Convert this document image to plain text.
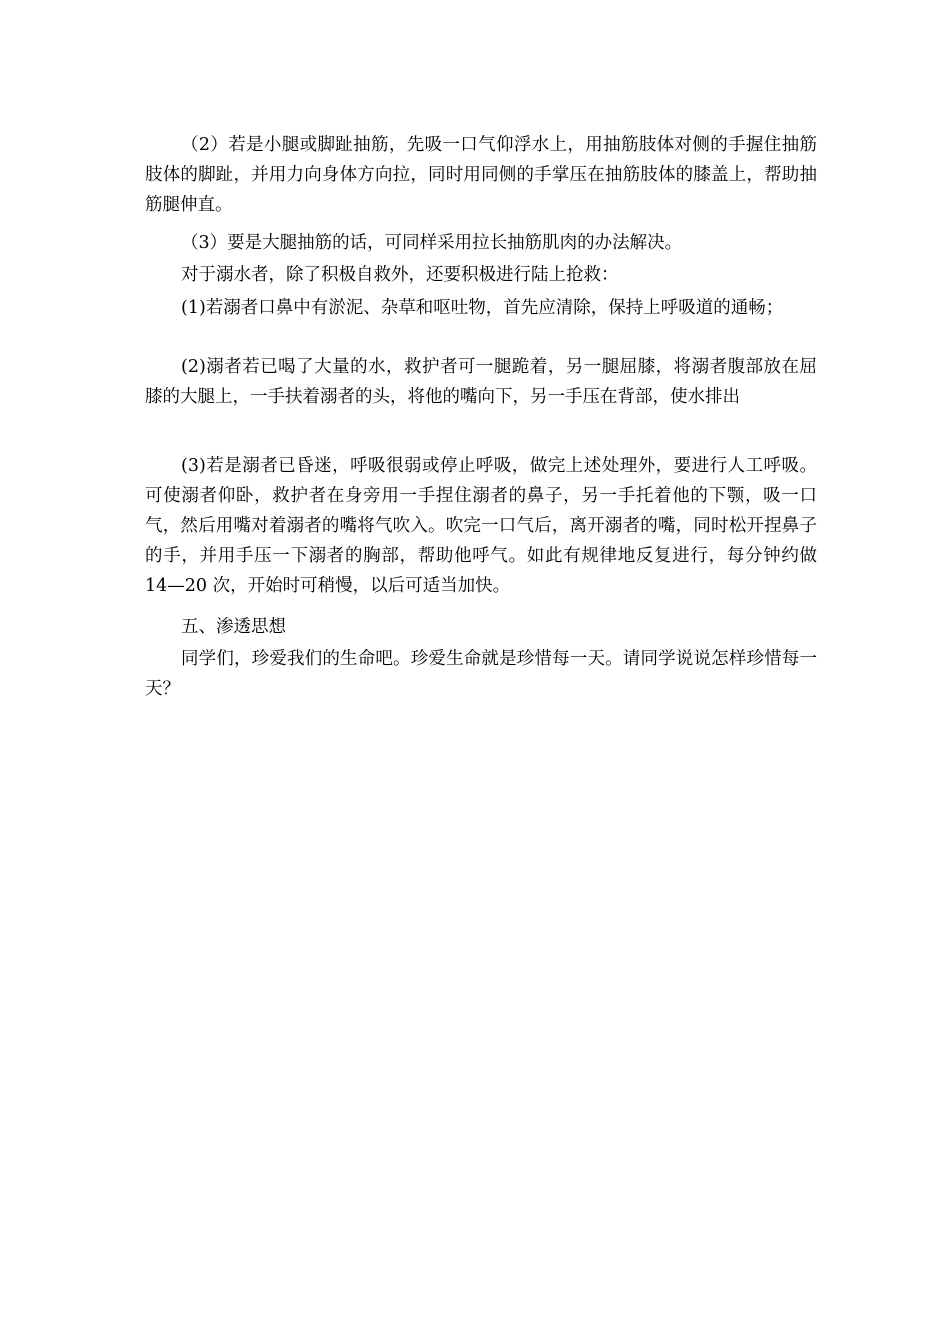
（2）若是小腿或脚趾抽筋，先吸一口气仰浮水上，用抽筋肢体对侧的手握住抽筋肢体的脚趾，并用力向身体方向拉，同时用同侧的手掌压在抽筋肢体的膝盖上，帮助抽筋腿伸直。

（3）要是大腿抽筋的话，可同样采用拉长抽筋肌肉的办法解决。

对于溺水者，除了积极自救外，还要积极进行陆上抢救：

(1)若溺者口鼻中有淤泥、杂草和呕吐物，首先应清除，保持上呼吸道的通畅；

(2)溺者若已喝了大量的水，救护者可一腿跪着，另一腿屈膝，将溺者腹部放在屈膝的大腿上，一手扶着溺者的头，将他的嘴向下，另一手压在背部，使水排出

(3)若是溺者已昏迷，呼吸很弱或停止呼吸，做完上述处理外，要进行人工呼吸。可使溺者仰卧，救护者在身旁用一手捏住溺者的鼻子，另一手托着他的下颚，吸一口气，然后用嘴对着溺者的嘴将气吹入。吹完一口气后，离开溺者的嘴，同时松开捏鼻子的手，并用手压一下溺者的胸部，帮助他呼气。如此有规律地反复进行，每分钟约做 14—20 次，开始时可稍慢，以后可适当加快。

五、渗透思想

同学们，珍爱我们的生命吧。珍爱生命就是珍惜每一天。请同学说说怎样珍惜每一天？
